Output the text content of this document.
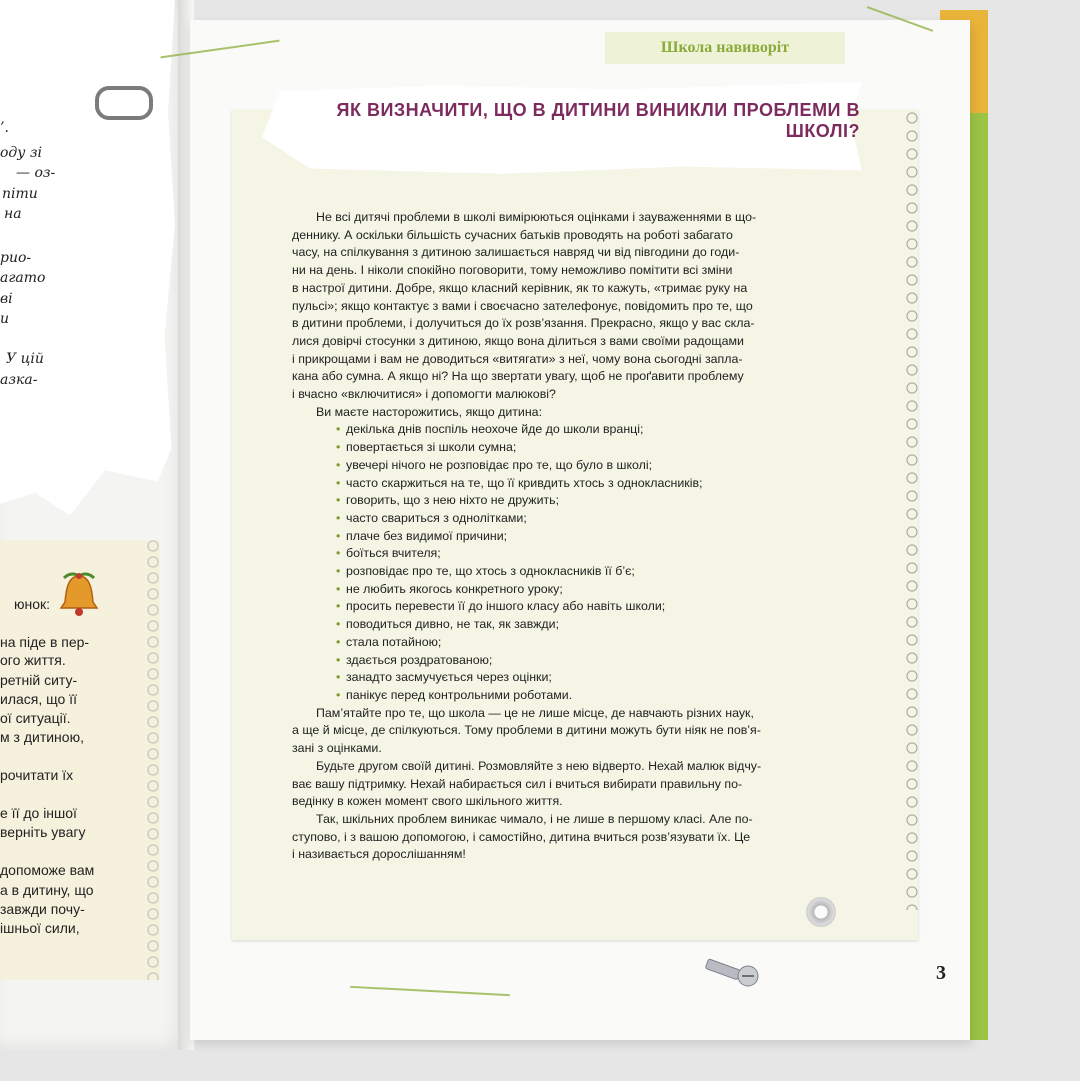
’.
оду зі
— оз-
пiти
на
рио-
агато
ві
и
У цій
азка-
юнок:
на піде в пер-
ого життя.
ретній ситу-
илася, що її
ої ситуації.
м з дитиною,
рочитати їх
е її до іншої
верніть увагу
допоможе вам
а в дитину, що
завжди почу-
ішньої сили,
Школа навиворіт
ЯК ВИЗНАЧИТИ, ЩО В ДИТИНИ ВИНИКЛИ ПРОБЛЕМИ В ШКОЛІ?
Не всі дитячі проблеми в школі вимірюються оцінками і зауваженнями в що-
деннику. А оскільки більшість сучасних батьків проводять на роботі забагато
часу, на спілкування з дитиною залишається навряд чи від півгодини до годи-
ни на день. І ніколи спокійно поговорити, тому неможливо помітити всі зміни
в настрої дитини. Добре, якщо класний керівник, як то кажуть, «тримає руку на
пульсі»; якщо контактує з вами і своєчасно зателефонує, повідомить про те, що
в дитини проблеми, і долучиться до їх розв’язання. Прекрасно, якщо у вас скла-
лися довірчі стосунки з дитиною, якщо вона ділиться з вами своїми радощами
і прикрощами і вам не доводиться «витягати» з неї, чому вона сьогодні запла-
кана або сумна. А якщо ні? На що звертати увагу, щоб не проґавити проблему
і вчасно «включитися» і допомогти малюкові?
Ви маєте насторожитись, якщо дитина:
• декілька днів поспіль неохоче йде до школи вранці;
• повертається зі школи сумна;
• увечері нічого не розповідає про те, що було в школі;
• часто скаржиться на те, що її кривдить хтось з однокласників;
• говорить, що з нею ніхто не дружить;
• часто свариться з однолітками;
• плаче без видимої причини;
• боїться вчителя;
• розповідає про те, що хтось з однокласників її б’є;
• не любить якогось конкретного уроку;
• просить перевести її до іншого класу або навіть школи;
• поводиться дивно, не так, як завжди;
• стала потайною;
• здається роздратованою;
• занадто засмучується через оцінки;
• панікує перед контрольними роботами.
Пам’ятайте про те, що школа — це не лише місце, де навчають різних наук,
а ще й місце, де спілкуються. Тому проблеми в дитини можуть бути ніяк не пов’я-
зані з оцінками.
Будьте другом своїй дитині. Розмовляйте з нею відверто. Нехай малюк відчу-
ває вашу підтримку. Нехай набирається сил і вчиться вибирати правильну по-
ведінку в кожен момент свого шкільного життя.
Так, шкільних проблем виникає чимало, і не лише в першому класі. Але по-
ступово, і з вашою допомогою, і самостійно, дитина вчиться розв’язувати їх. Це
і називається дорослішанням!
3
